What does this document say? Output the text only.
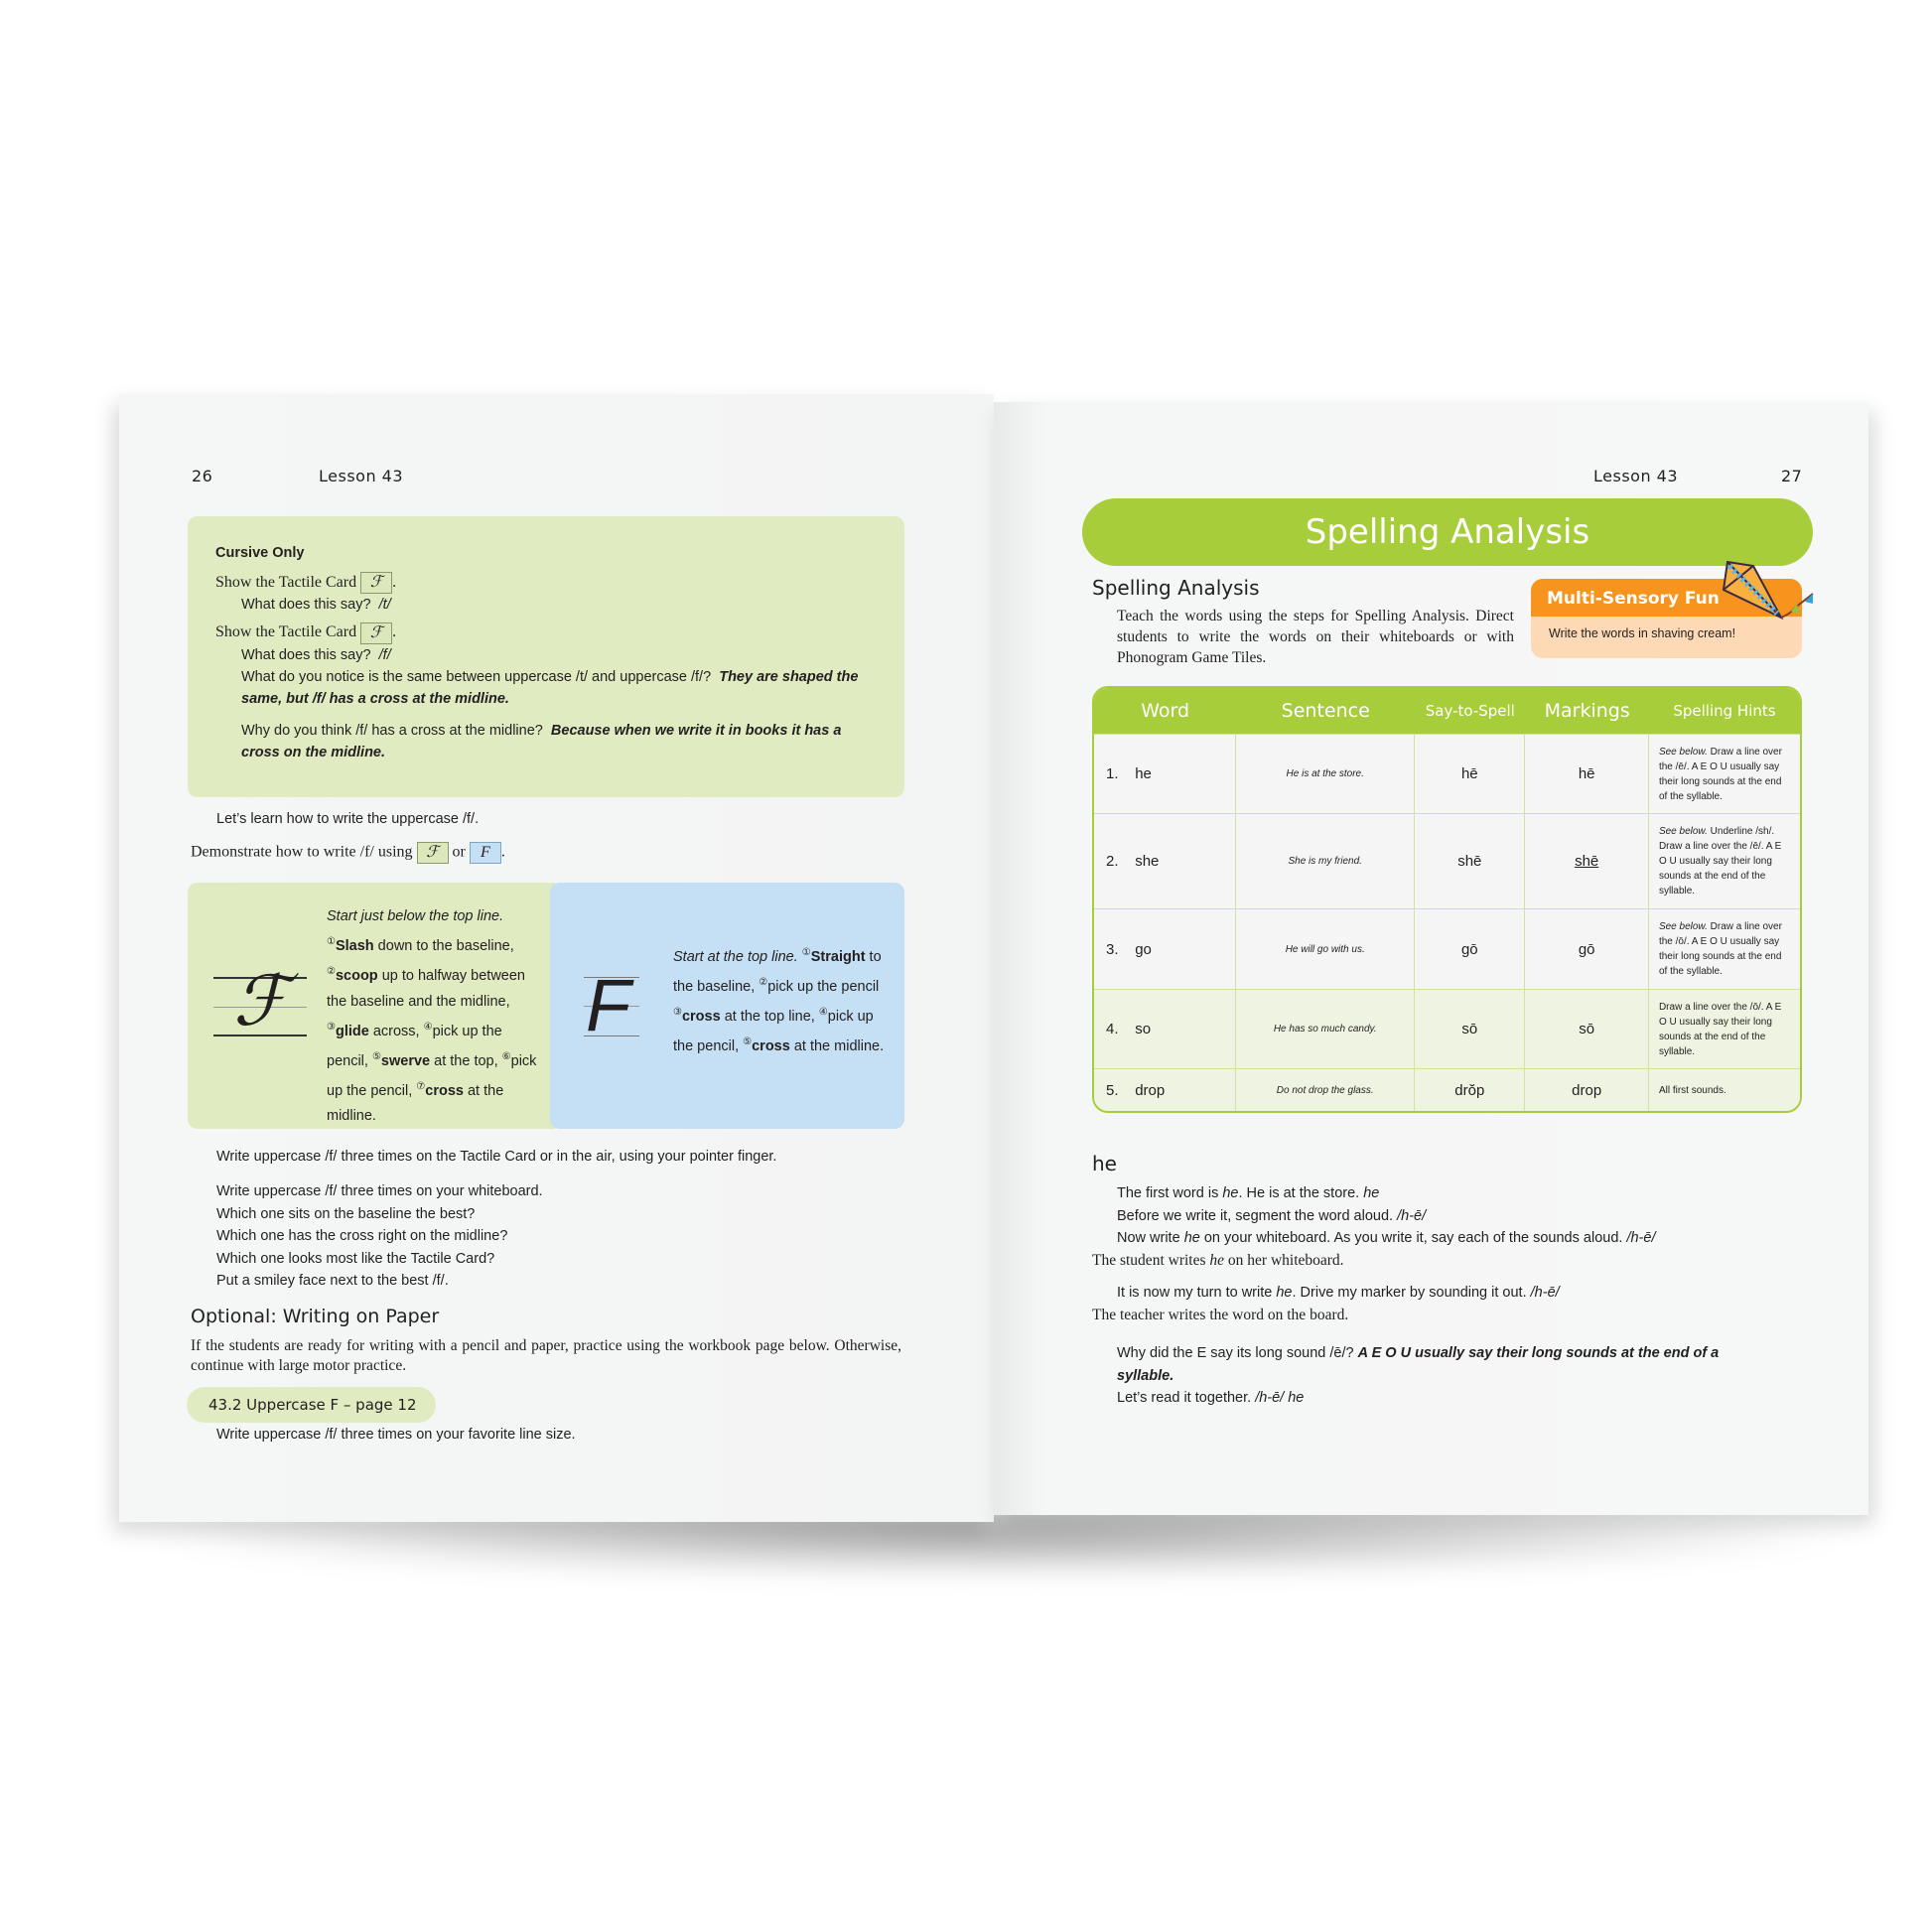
26	Lesson 43
Cursive Only
Show the Tactile Card ℱ .
What does this say? /t/
Show the Tactile Card ℱ .
What does this say? /f/
What do you notice is the same between uppercase /t/ and uppercase /f/? They are shaped the same, but /f/ has a cross at the midline.
Why do you think /f/ has a cross at the midline? Because when we write it in books it has a cross on the midline.
Let’s learn how to write the uppercase /f/.
Demonstrate how to write /f/ using ℱ or F .
ℱ
Start just below the top line.
①Slash down to the baseline, ②scoop up to halfway between the baseline and the midline, ③glide across, ④pick up the pencil, ⑤swerve at the top, ⑥pick up the pencil, ⑦cross at the midline.
F
Start at the top line. ①Straight to the baseline, ②pick up the pencil ③cross at the top line, ④pick up the pencil, ⑤cross at the midline.
Write uppercase /f/ three times on the Tactile Card or in the air, using your pointer finger.
Write uppercase /f/ three times on your whiteboard.
Which one sits on the baseline the best?
Which one has the cross right on the midline?
Which one looks most like the Tactile Card?
Put a smiley face next to the best /f/.
Optional: Writing on Paper
If the students are ready for writing with a pencil and paper, practice using the workbook page below. Otherwise, continue with large motor practice.
43.2 Uppercase F – page 12
Write uppercase /f/ three times on your favorite line size.
Lesson 43	27
Spelling Analysis
Spelling Analysis
Teach the words using the steps for Spelling Analysis. Direct students to write the words on their whiteboards or with Phonogram Game Tiles.
Multi-Sensory Fun
Write the words in shaving cream!
Word	Sentence	Say-to-Spell	Markings	Spelling Hints
1. he	He is at the store.	hē	hē	See below. Draw a line over the /ē/. A E O U usually say their long sounds at the end of the syllable.
2. she	She is my friend.	shē	shē	See below. Underline /sh/. Draw a line over the /ē/. A E O U usually say their long sounds at the end of the syllable.
3. go	He will go with us.	gō	gō	See below. Draw a line over the /ō/. A E O U usually say their long sounds at the end of the syllable.
4. so	He has so much candy.	sō	sō	Draw a line over the /ō/. A E O U usually say their long sounds at the end of the syllable.
5. drop	Do not drop the glass.	drŏp	drop	All first sounds.
he
The first word is he. He is at the store. he
Before we write it, segment the word aloud. /h-ē/
Now write he on your whiteboard. As you write it, say each of the sounds aloud. /h-ē/
The student writes he on her whiteboard.
It is now my turn to write he. Drive my marker by sounding it out. /h-ē/
The teacher writes the word on the board.
Why did the E say its long sound /ē/? A E O U usually say their long sounds at the end of a syllable.
Let’s read it together. /h-ē/ he
